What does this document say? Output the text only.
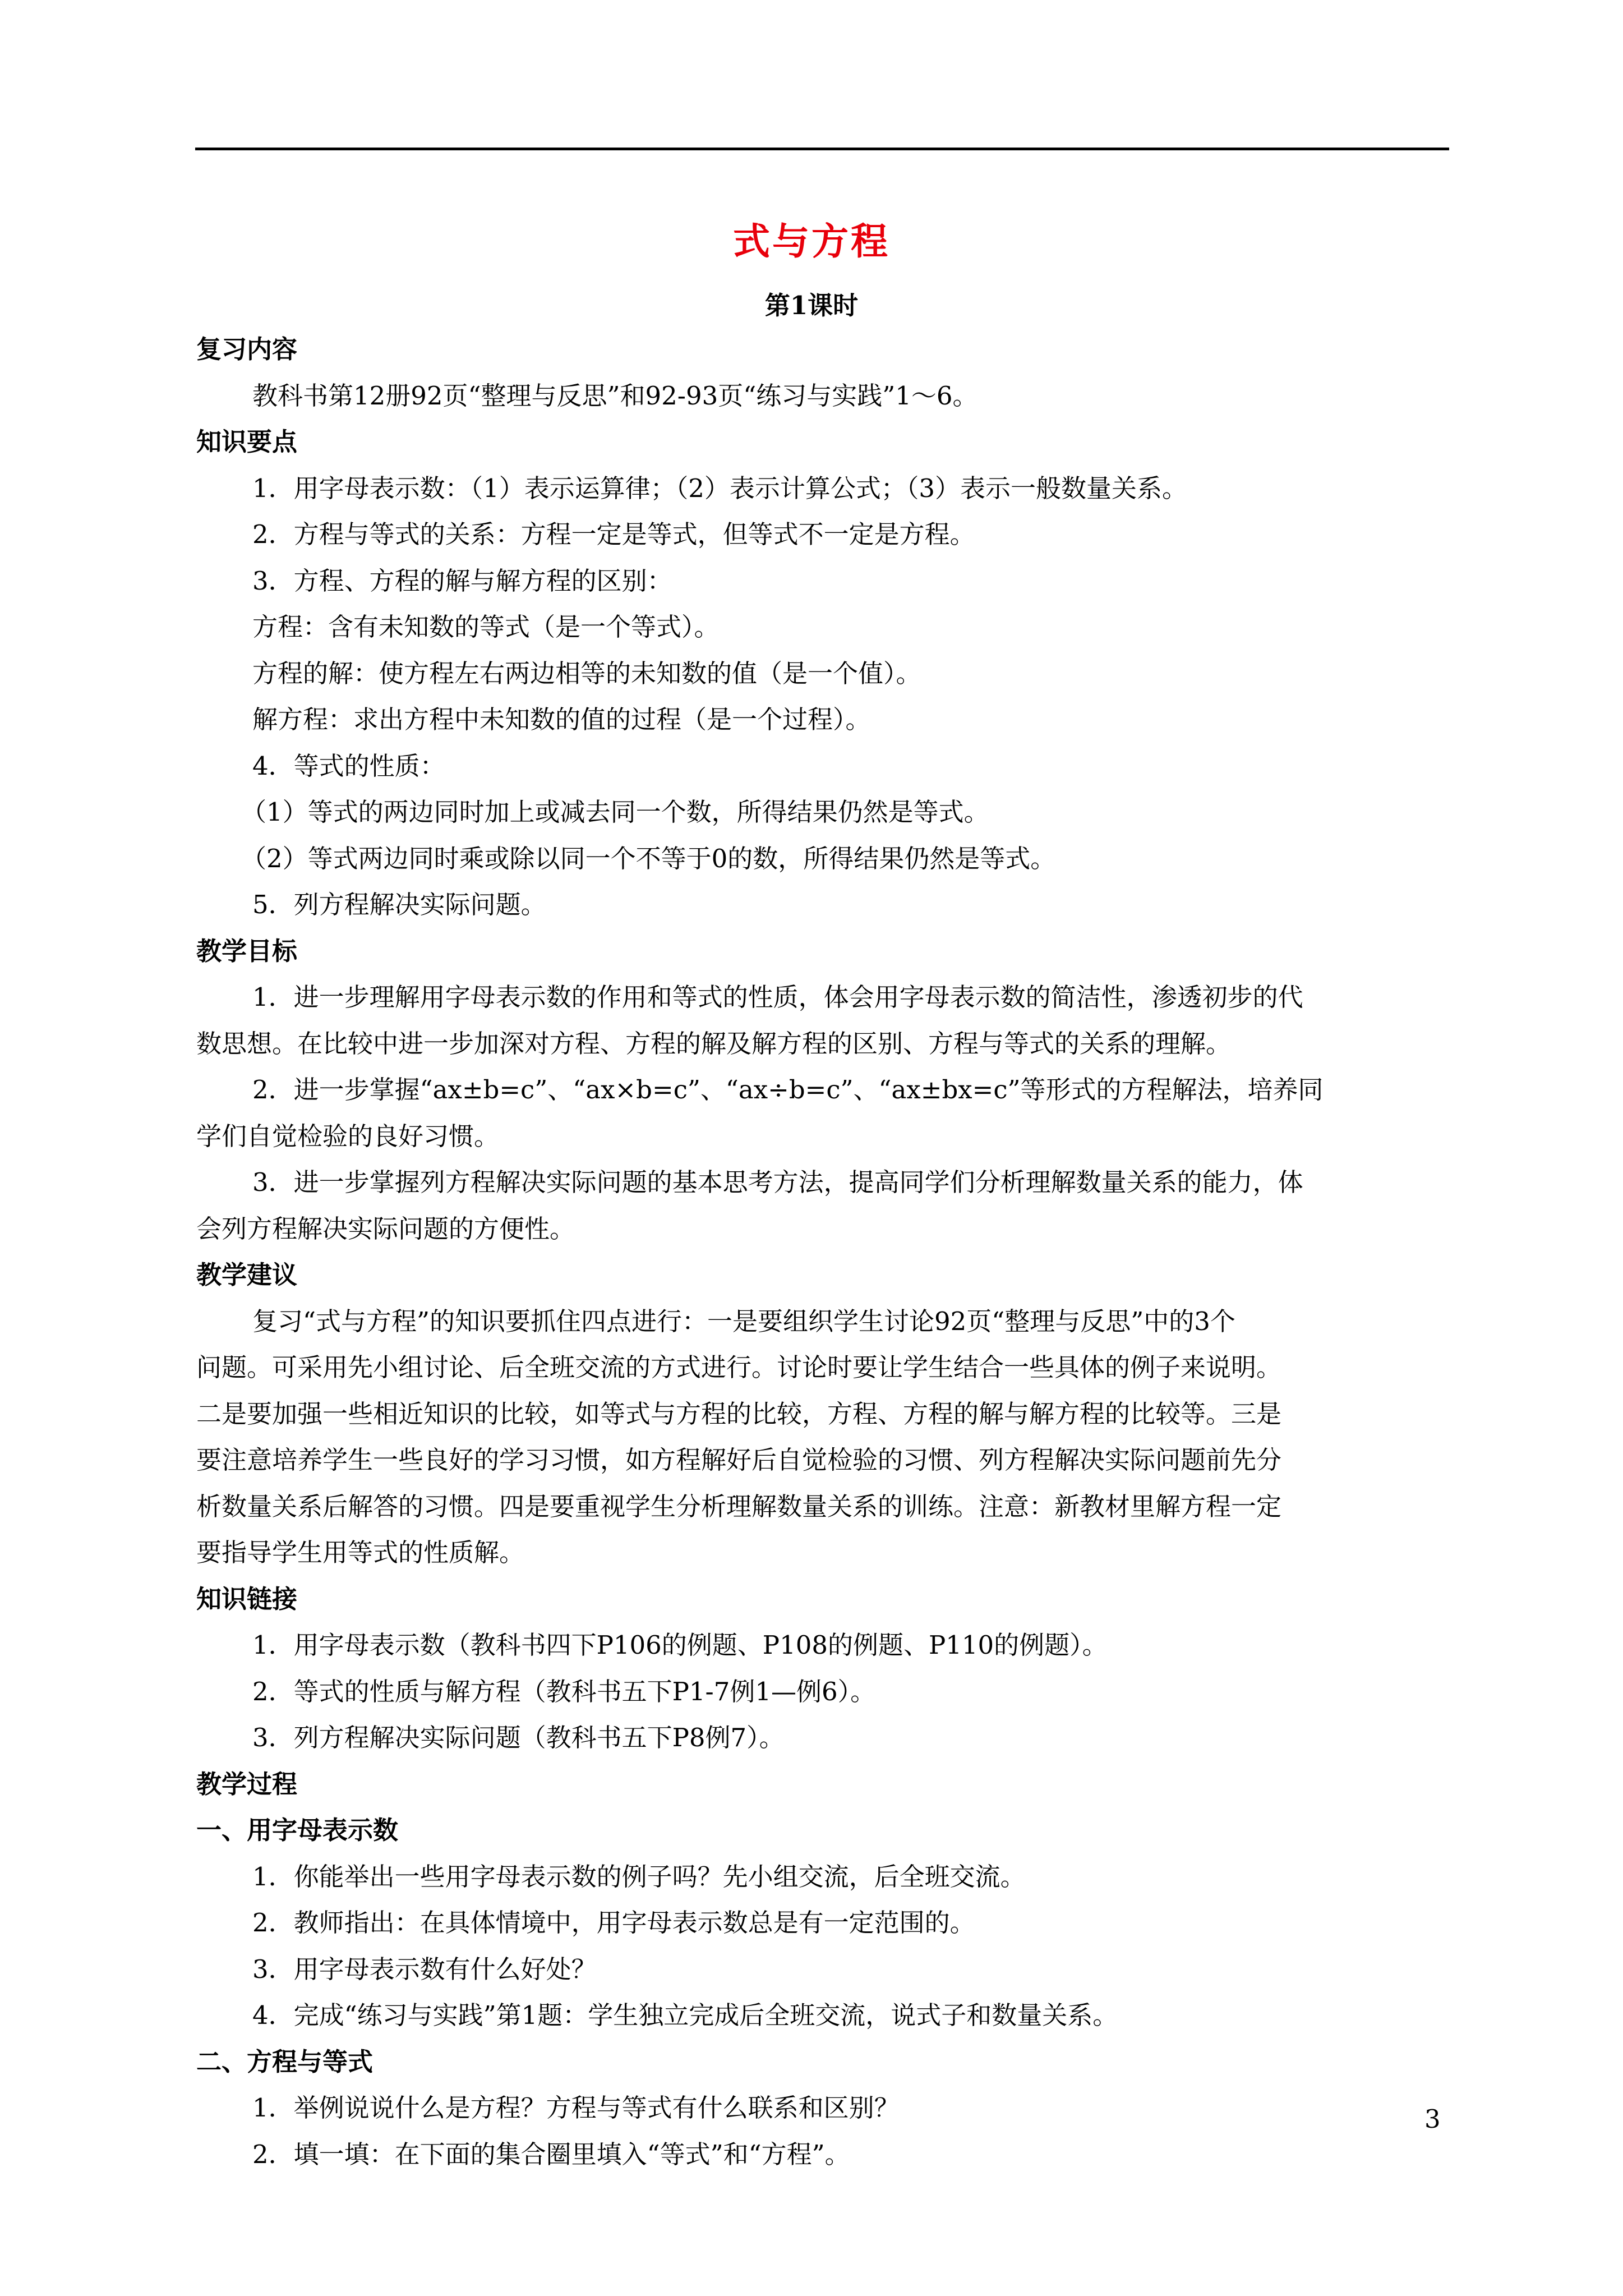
式与方程
第1课时

复习内容

教科书第12册92页“整理与反思”和92-93页“练习与实践”1～6。

知识要点

1．用字母表示数：（1）表示运算律；（2）表示计算公式；（3）表示一般数量关系。

2．方程与等式的关系：方程一定是等式，但等式不一定是方程。

3．方程、方程的解与解方程的区别：

方程：含有未知数的等式（是一个等式）。

方程的解：使方程左右两边相等的未知数的值（是一个值）。

解方程：求出方程中未知数的值的过程（是一个过程）。

4．等式的性质：

（1）等式的两边同时加上或减去同一个数，所得结果仍然是等式。

（2）等式两边同时乘或除以同一个不等于0的数，所得结果仍然是等式。

5．列方程解决实际问题。

教学目标

1．进一步理解用字母表示数的作用和等式的性质，体会用字母表示数的简洁性，渗透初步的代

数思想。在比较中进一步加深对方程、方程的解及解方程的区别、方程与等式的关系的理解。

2．进一步掌握“ax±b=c”、“ax×b=c”、“ax÷b=c”、“ax±bx=c”等形式的方程解法，培养同

学们自觉检验的良好习惯。

3．进一步掌握列方程解决实际问题的基本思考方法，提高同学们分析理解数量关系的能力，体

会列方程解决实际问题的方便性。

教学建议

复习“式与方程”的知识要抓住四点进行：一是要组织学生讨论92页“整理与反思”中的3个

问题。可采用先小组讨论、后全班交流的方式进行。讨论时要让学生结合一些具体的例子来说明。

二是要加强一些相近知识的比较，如等式与方程的比较，方程、方程的解与解方程的比较等。三是

要注意培养学生一些良好的学习习惯，如方程解好后自觉检验的习惯、列方程解决实际问题前先分

析数量关系后解答的习惯。四是要重视学生分析理解数量关系的训练。注意：新教材里解方程一定

要指导学生用等式的性质解。

知识链接

1．用字母表示数（教科书四下P106的例题、P108的例题、P110的例题）。

2．等式的性质与解方程（教科书五下P1-7例1—例6）。

3．列方程解决实际问题（教科书五下P8例7）。

教学过程

一、用字母表示数

1．你能举出一些用字母表示数的例子吗？先小组交流，后全班交流。

2．教师指出：在具体情境中，用字母表示数总是有一定范围的。

3．用字母表示数有什么好处？

4．完成“练习与实践”第1题：学生独立完成后全班交流，说式子和数量关系。

二、方程与等式

1．举例说说什么是方程？方程与等式有什么联系和区别？

2．填一填：在下面的集合圈里填入“等式”和“方程”。

3
